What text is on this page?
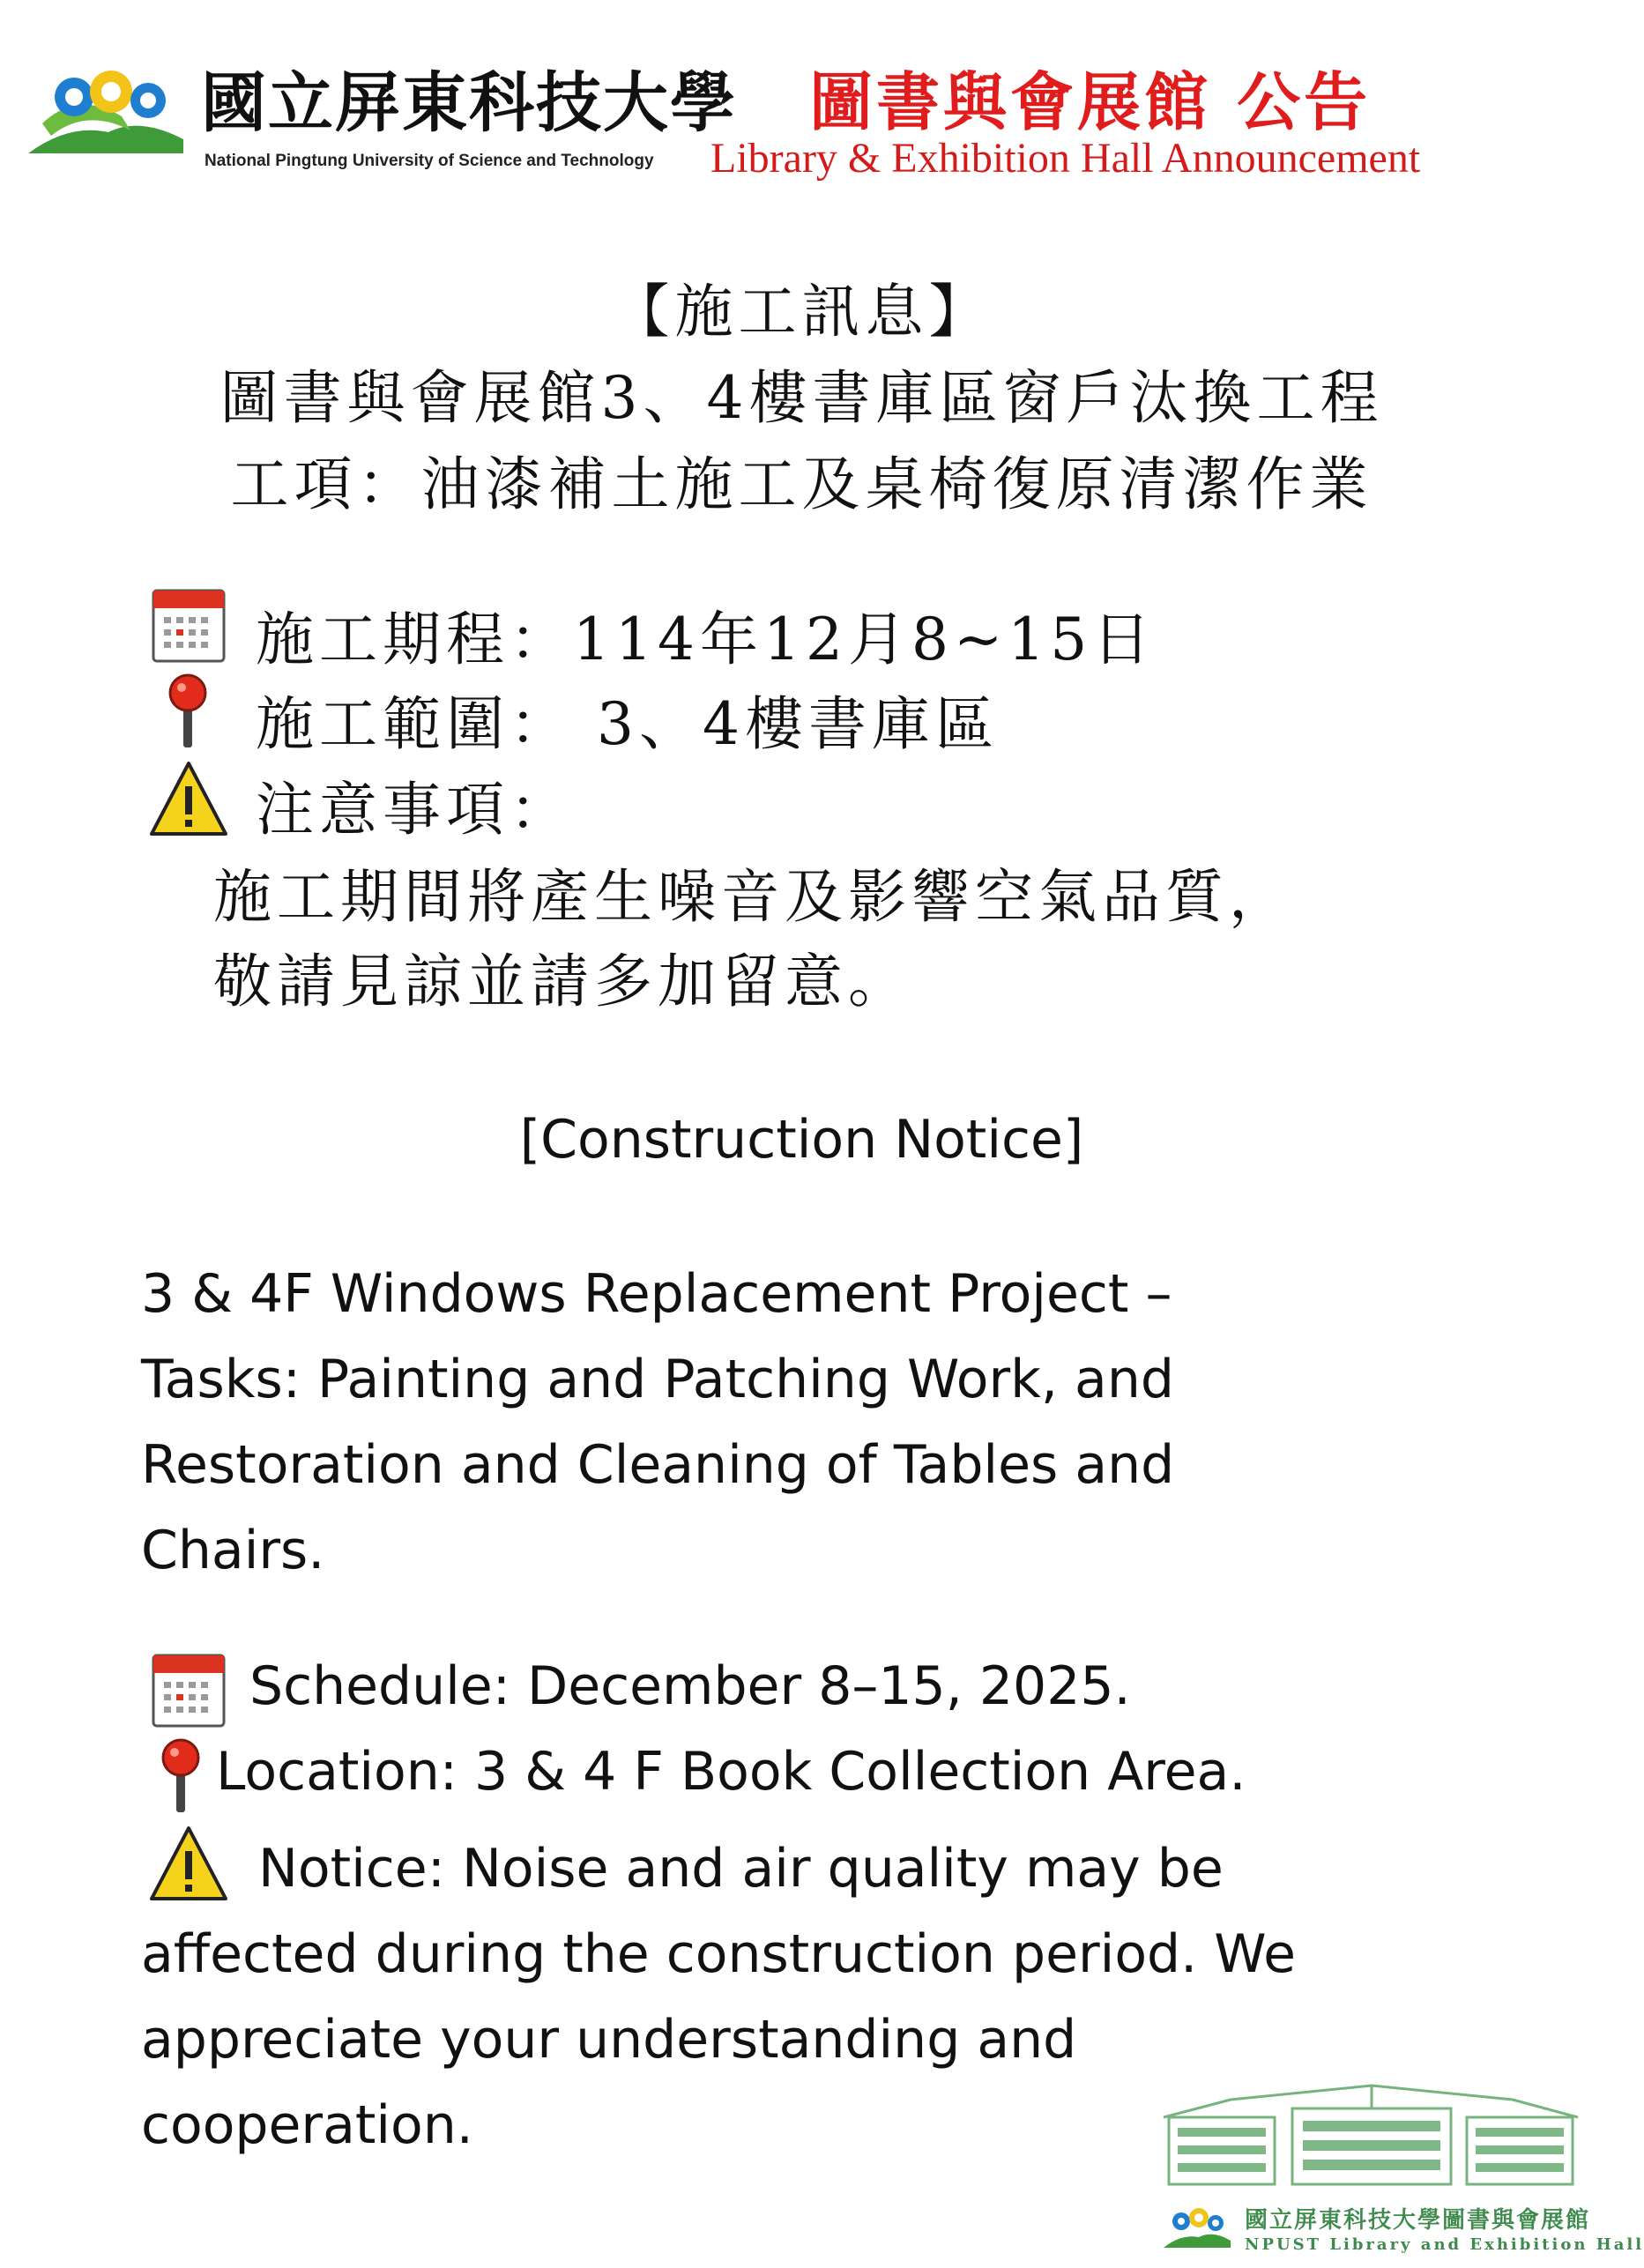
國立屏東科技大學
National Pingtung University of Science and Technology
圖書與會展館 公告
Library & Exhibition Hall Announcement
【施工訊息】
圖書與會展館3、4樓書庫區窗戶汰換工程
工項：油漆補土施工及桌椅復原清潔作業
施工期程：114年12月8~15日
施工範圍： 3、4樓書庫區
注意事項：
施工期間將產生噪音及影響空氣品質，
敬請見諒並請多加留意。
[Construction Notice]
3 & 4F Windows Replacement Project –
Tasks: Painting and Patching Work, and
Restoration and Cleaning of Tables and
Chairs.
Schedule: December 8–15, 2025.
Location: 3 & 4 F Book Collection Area.
Notice: Noise and air quality may be
affected during the construction period. We
appreciate your understanding and
cooperation.
國立屏東科技大學圖書與會展館
NPUST Library and Exhibition Hall
